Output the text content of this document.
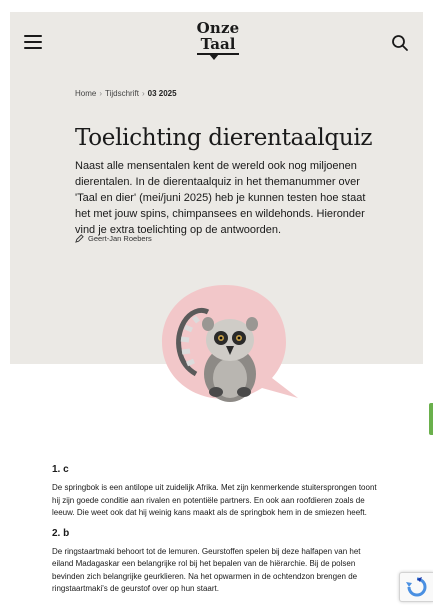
Onze
Taal
Home › Tijdschrift › 03 2025
Toelichting dierentaalquiz

Naast alle mensentalen kent de wereld ook nog miljoenen dierentalen. In de dierentaalquiz in het themanummer over 'Taal en dier' (mei/juni 2025) heb je kunnen testen hoe staat het met jouw spins, chimpansees en wildehonds. Hieronder vind je extra toelichting op de antwoorden.

Geert-Jan Roebers

1. c

De springbok is een antilope uit zuidelijk Afrika. Met zijn kenmerkende stuitersprongen toont hij zijn goede conditie aan rivalen en potentiële partners. En ook aan roofdieren zoals de leeuw. Die weet ook dat hij weinig kans maakt als de springbok hem in de smiezen heeft.

2. b

De ringstaartmaki behoort tot de lemuren. Geurstoffen spelen bij deze halfapen van het eiland Madagaskar een belangrijke rol bij het bepalen van de hiërarchie. Bij de polsen bevinden zich belangrijke geurklieren. Na het opwarmen in de ochtendzon brengen de ringstaartmaki's de geurstof over op hun staart.
